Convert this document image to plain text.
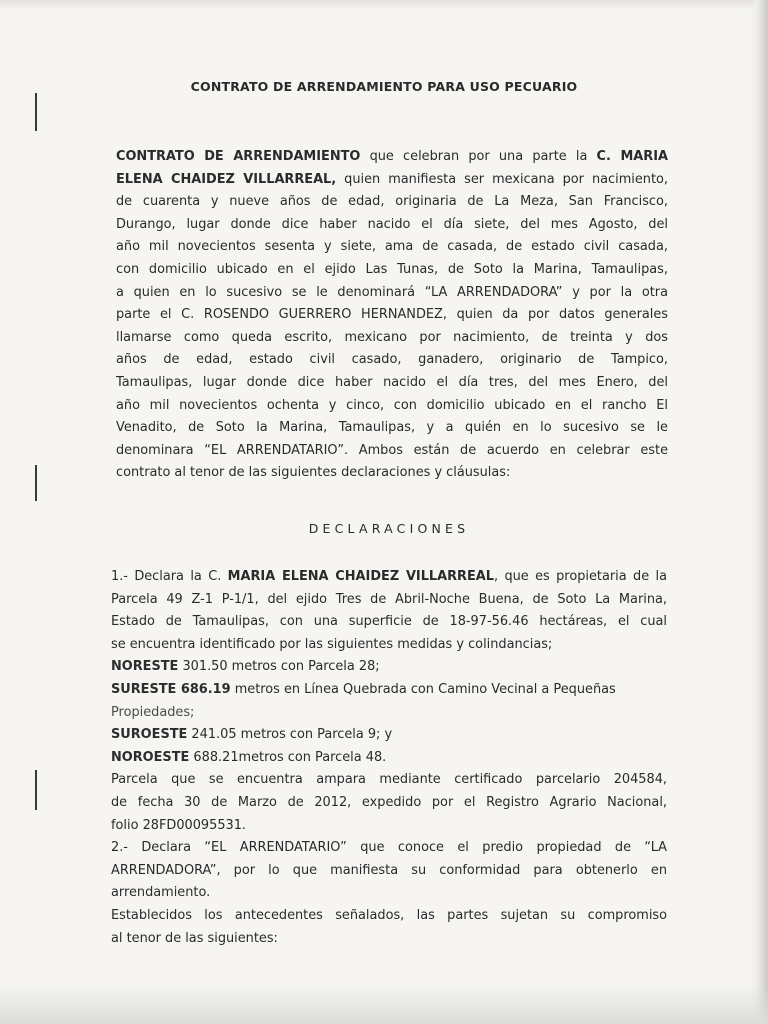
CONTRATO DE ARRENDAMIENTO PARA USO PECUARIO
CONTRATO DE ARRENDAMIENTO que celebran por una parte la C. MARIA
ELENA CHAIDEZ VILLARREAL, quien manifiesta ser mexicana por nacimiento,
de cuarenta y nueve años de edad, originaria de La Meza, San Francisco,
Durango, lugar donde dice haber nacido el día siete, del mes Agosto, del
año mil novecientos sesenta y siete, ama de casada, de estado civil casada,
con domicilio ubicado en el ejido Las Tunas, de Soto la Marina, Tamaulipas,
a quien en lo sucesivo se le denominará “LA ARRENDADORA” y por la otra
parte el C. ROSENDO GUERRERO HERNANDEZ, quien da por datos generales
llamarse como queda escrito, mexicano por nacimiento, de treinta y dos
años de edad, estado civil casado, ganadero, originario de Tampico,
Tamaulipas, lugar donde dice haber nacido el día tres, del mes Enero, del
año mil novecientos ochenta y cinco, con domicilio ubicado en el rancho El
Venadito, de Soto la Marina, Tamaulipas, y a quién en lo sucesivo se le
denominara “EL ARRENDATARIO”. Ambos están de acuerdo en celebrar este
contrato al tenor de las siguientes declaraciones y cláusulas:
DECLARACIONES
1.- Declara la C. MARIA ELENA CHAIDEZ VILLARREAL, que es propietaria de la
Parcela 49 Z-1 P-1/1, del ejido Tres de Abril-Noche Buena, de Soto La Marina,
Estado de Tamaulipas, con una superficie de 18-97-56.46 hectáreas, el cual
se encuentra identificado por las siguientes medidas y colindancias;
NORESTE 301.50 metros con Parcela 28;
SURESTE 686.19 metros en Línea Quebrada con Camino Vecinal a Pequeñas
Propiedades;
SUROESTE 241.05 metros con Parcela 9; y
NOROESTE 688.21metros con Parcela 48.
Parcela que se encuentra ampara mediante certificado parcelario 204584,
de fecha 30 de Marzo de 2012, expedido por el Registro Agrario Nacional,
folio 28FD00095531.
2.- Declara “EL ARRENDATARIO” que conoce el predio propiedad de “LA
ARRENDADORA”, por lo que manifiesta su conformidad para obtenerlo en
arrendamiento.
Establecidos los antecedentes señalados, las partes sujetan su compromiso
al tenor de las siguientes:
